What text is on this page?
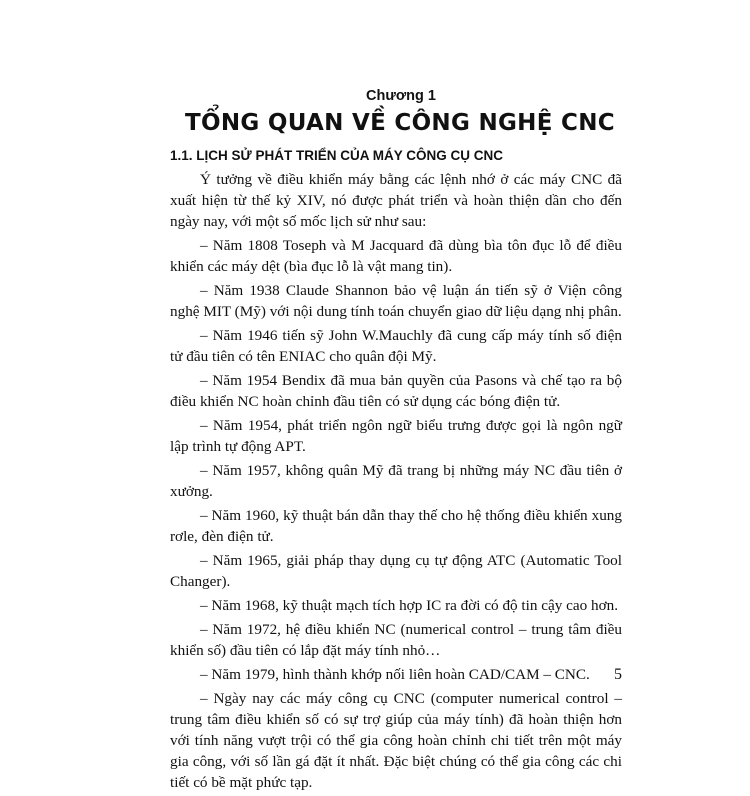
Chương 1
TỔNG QUAN VỀ CÔNG NGHỆ CNC
1.1. LỊCH SỬ PHÁT TRIỂN CỦA MÁY CÔNG CỤ CNC

Ý tưởng về điều khiển máy bằng các lệnh nhớ ở các máy CNC đã xuất hiện từ thế kỷ XIV, nó được phát triển và hoàn thiện dần cho đến ngày nay, với một số mốc lịch sử như sau:

– Năm 1808 Toseph và M Jacquard đã dùng bìa tôn đục lỗ để điều khiển các máy dệt (bìa đục lỗ là vật mang tin).

– Năm 1938 Claude Shannon bảo vệ luận án tiến sỹ ở Viện công nghệ MIT (Mỹ) với nội dung tính toán chuyển giao dữ liệu dạng nhị phân.

– Năm 1946 tiến sỹ John W.Mauchly đã cung cấp máy tính số điện tử đầu tiên có tên ENIAC cho quân đội Mỹ.

– Năm 1954 Bendix đã mua bản quyền của Pasons và chế tạo ra bộ điều khiển NC hoàn chỉnh đầu tiên có sử dụng các bóng điện tử.

– Năm 1954, phát triển ngôn ngữ biểu trưng được gọi là ngôn ngữ lập trình tự động APT.

– Năm 1957, không quân Mỹ đã trang bị những máy NC đầu tiên ở xưởng.

– Năm 1960, kỹ thuật bán dẫn thay thế cho hệ thống điều khiển xung rơle, đèn điện tử.

– Năm 1965, giải pháp thay dụng cụ tự động ATC (Automatic Tool Changer).

– Năm 1968, kỹ thuật mạch tích hợp IC ra đời có độ tin cậy cao hơn.

– Năm 1972, hệ điều khiển NC (numerical control – trung tâm điều khiển số) đầu tiên có lắp đặt máy tính nhỏ…

– Năm 1979, hình thành khớp nối liên hoàn CAD/CAM – CNC.

– Ngày nay các máy công cụ CNC (computer numerical control – trung tâm điều khiển số có sự trợ giúp của máy tính) đã hoàn thiện hơn với tính năng vượt trội có thể gia công hoàn chỉnh chi tiết trên một máy gia công, với số lần gá đặt ít nhất. Đặc biệt chúng có thể gia công các chi tiết có bề mặt phức tạp.

5
